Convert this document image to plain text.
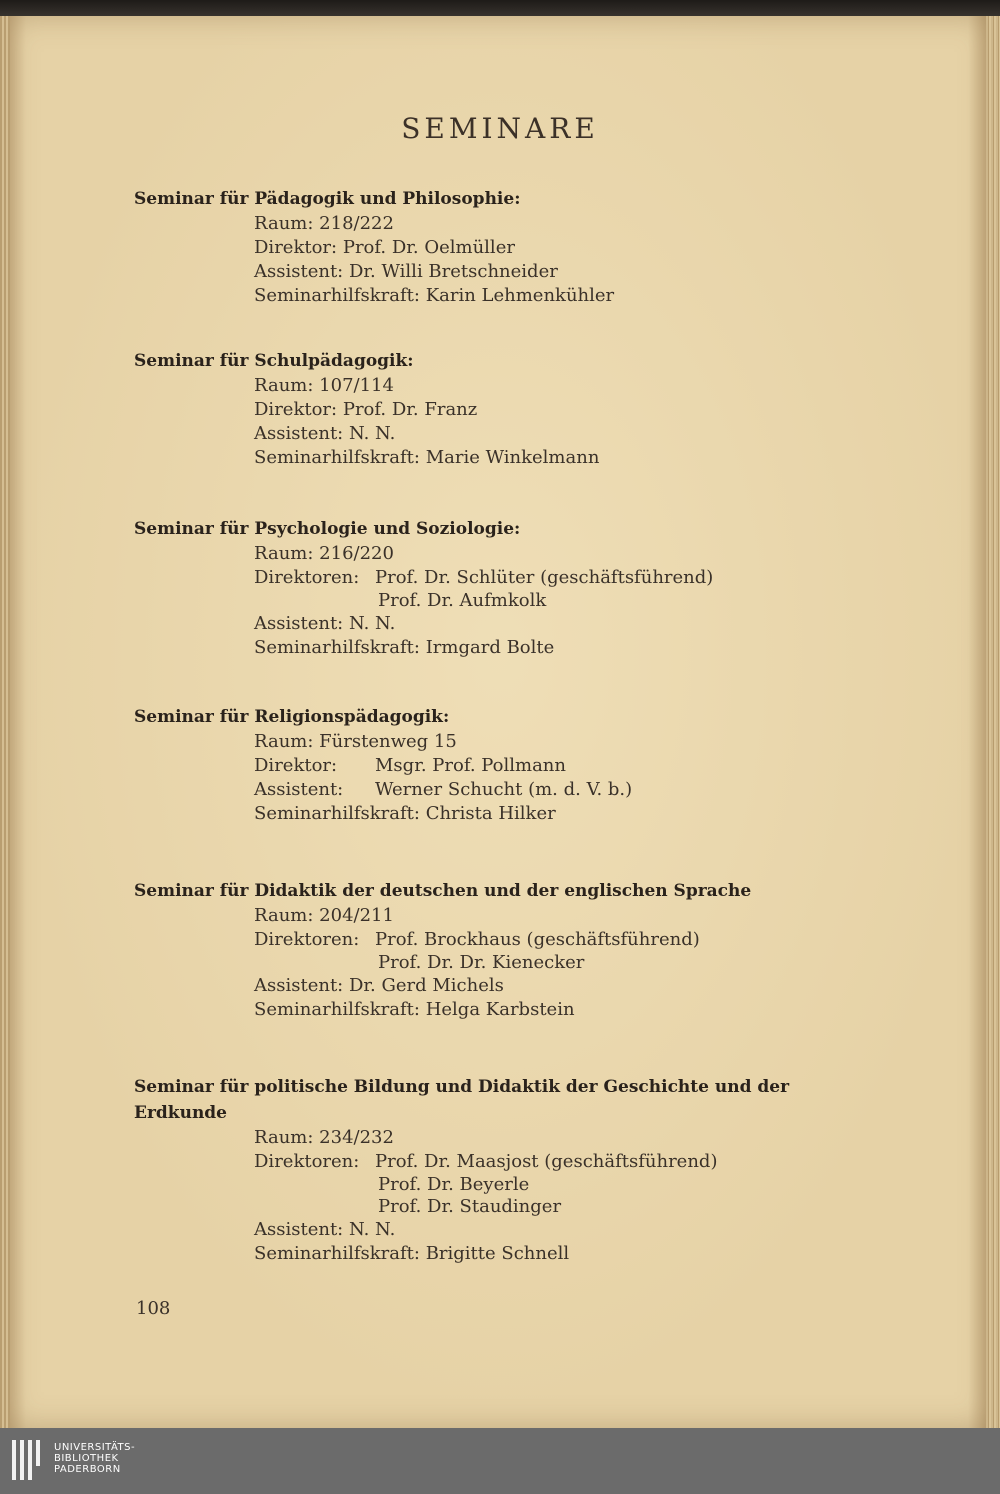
SEMINARE
Seminar für Pädagogik und Philosophie:
Raum:
218/222
Direktor:
Prof. Dr. Oelmüller
Assistent:
Dr. Willi Bretschneider
Seminarhilfskraft:
Karin Lehmenkühler
Seminar für Schulpädagogik:
Raum:
107/114
Direktor:
Prof. Dr. Franz
Assistent:
N. N.
Seminarhilfskraft:
Marie Winkelmann
Seminar für Psychologie und Soziologie:
Raum:
216/220
Direktoren: Prof. Dr. Schlüter (geschäftsführend)
Prof. Dr. Aufmkolk
Assistent:
N. N.
Seminarhilfskraft:
Irmgard Bolte
Seminar für Religionspädagogik:
Raum:
Fürstenweg 15
Direktor:	Msgr. Prof. Pollmann
Assistent:	Werner Schucht (m. d. V. b.)
Seminarhilfskraft:
Christa Hilker
Seminar für Didaktik der deutschen und der englischen Sprache
Raum:
204/211
Direktoren: Prof. Brockhaus (geschäftsführend)
Prof. Dr. Dr. Kienecker
Assistent:
Dr. Gerd Michels
Seminarhilfskraft:
Helga Karbstein
Seminar für politische Bildung und Didaktik der Geschichte und der Erdkunde
Raum:
234/232
Direktoren: Prof. Dr. Maasjost (geschäftsführend)
Prof. Dr. Beyerle
Prof. Dr. Staudinger
Assistent:
N. N.
Seminarhilfskraft:
Brigitte Schnell
108
UNIVERSITÄTS-
BIBLIOTHEK
PADERBORN
